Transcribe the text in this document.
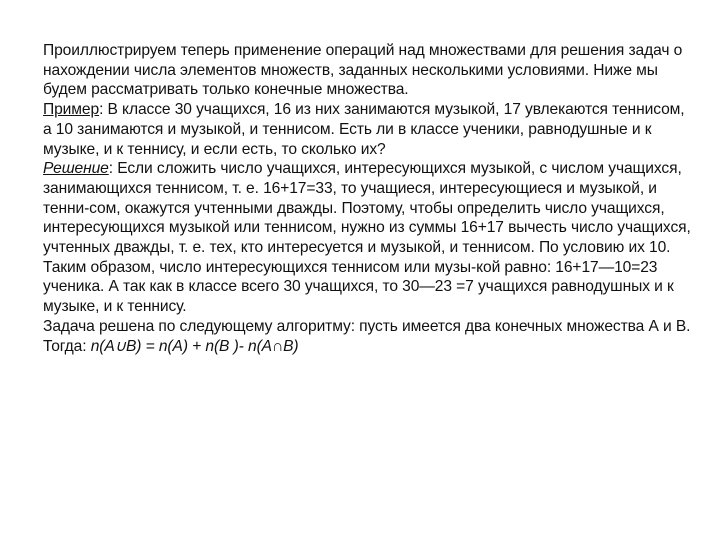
Проиллюстрируем теперь применение операций над множествами для решения задач о нахождении числа элементов множеств, заданных несколькими условиями. Ниже мы будем рассматривать только конечные множества.

Пример: В классе 30 учащихся, 16 из них занимаются музыкой, 17 увлекаются теннисом, а 10 занимаются и музыкой, и теннисом. Есть ли в классе ученики, равнодушные и к музыке, и к теннису, и если есть, то сколько их?

Решение: Если сложить число учащихся, интересующихся музыкой, с числом учащихся, занимающихся теннисом, т. е. 16+17=33, то учащиеся, интересующиеся и музыкой, и тенни-сом, окажутся учтенными дважды. Поэтому, чтобы определить число учащихся, интересующихся музыкой или теннисом, нужно из суммы 16+17 вычесть число учащихся, учтенных дважды, т. е. тех, кто интересуется и музыкой, и теннисом. По условию их 10. Таким образом, число интересующихся теннисом или музы-кой равно: 16+17—10=23 ученика. А так как в классе всего 30 учащихся, то 30—23 =7 учащихся равнодушных и к музыке, и к теннису.

Задача решена по следующему алгоритму: пусть имеется два конечных множества А и В. Тогда: n(А∪В) = n(А) + n(В )- n(А∩В)
